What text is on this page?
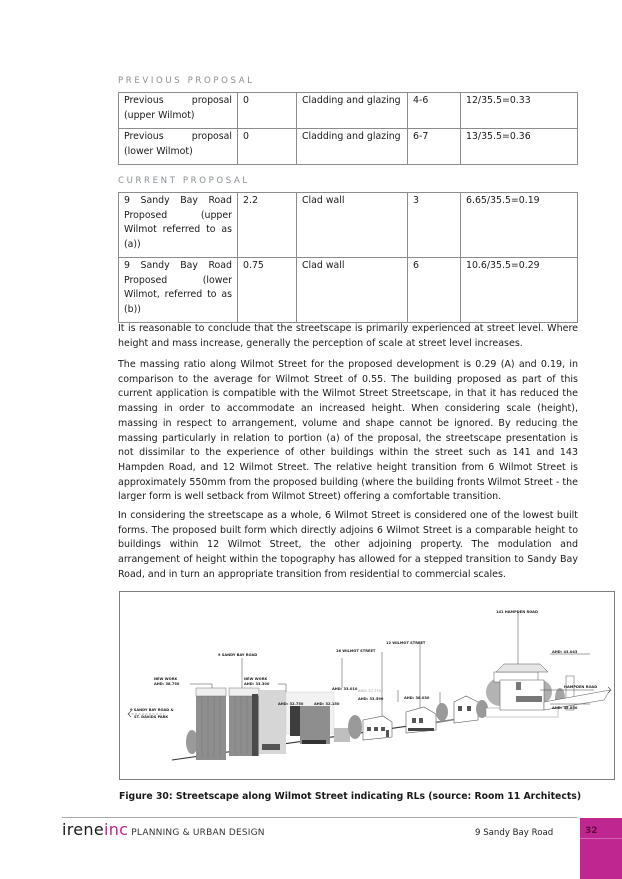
PREVIOUS PROPOSAL
Previous proposal (upper Wilmot)	0	Cladding and glazing	4-6	12/35.5=0.33
Previous proposal (lower Wilmot)	0	Cladding and glazing	6-7	13/35.5=0.36
CURRENT PROPOSAL
9 Sandy Bay Road Proposed (upper Wilmot referred to as (a))	2.2	Clad wall	3	6.65/35.5=0.19
9 Sandy Bay Road Proposed (lower Wilmot, referred to as (b))	0.75	Clad wall	6	10.6/35.5=0.29

It is reasonable to conclude that the streetscape is primarily experienced at street level. Where height and mass increase, generally the perception of scale at street level increases.

The massing ratio along Wilmot Street for the proposed development is 0.29 (A) and 0.19, in comparison to the average for Wilmot Street of 0.55. The building proposed as part of this current application is compatible with the Wilmot Street Streetscape, in that it has reduced the massing in order to accommodate an increased height. When considering scale (height), massing in respect to arrangement, volume and shape cannot be ignored. By reducing the massing particularly in relation to portion (a) of the proposal, the streetscape presentation is not dissimilar to the experience of other buildings within the street such as 141 and 143 Hampden Road, and 12 Wilmot Street. The relative height transition from 6 Wilmot Street is approximately 550mm from the proposed building (where the building fronts Wilmot Street - the larger form is well setback from Wilmot Street) offering a comfortable transition.

In considering the streetscape as a whole, 6 Wilmot Street is considered one of the lowest built forms. The proposed built form which directly adjoins 6 Wilmot Street is a comparable height to buildings within 12 Wilmot Street, the other adjoining property. The modulation and arrangement of height within the topography has allowed for a stepped transition to Sandy Bay Road, and in turn an appropriate transition from residential to commercial scales.

9 SANDY BAY ROAD
NEW WORK
AHD: 38.750
NEW WORK
AHD: 33.300
9 SANDY BAY ROAD &
ST. DAVIDS PARK
16 WILMOT STREET
12 WILMOT STREET
141 HAMPDEN ROAD
AHD: 32.750	AHD: 32.150
AHD: 33.010
AHD: 33.590	AHD: 36.030
AHD: 43.043
AHD: 35.850
HAMPDEN ROAD
AHD: 37.775
Figure 30: Streetscape along Wilmot Street indicating RLs (source: Room 11 Architects)
ireneinc PLANNING & URBAN DESIGN	9 Sandy Bay Road	32
